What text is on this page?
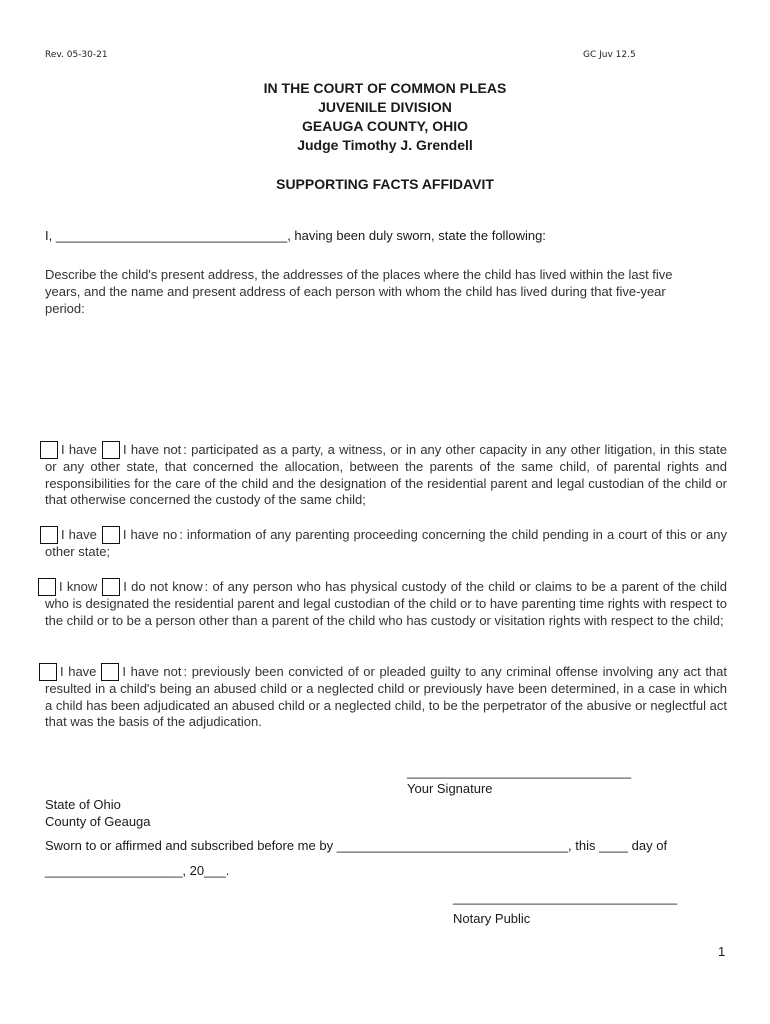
Rev. 05-30-21	GC Juv 12.5
IN THE COURT OF COMMON PLEAS
JUVENILE DIVISION
GEAUGA COUNTY, OHIO
Judge Timothy J. Grendell
SUPPORTING FACTS AFFIDAVIT
I, ________________________________, having been duly sworn, state the following:
Describe the child's present address, the addresses of the places where the child has lived within the last five
years, and the name and present address of each person with whom the child has lived during that five-year
period:
I have I have not : participated as a party, a witness, or in any other capacity in any other litigation, in this state or any other state, that concerned the allocation, between the parents of the same child, of parental rights and responsibilities for the care of the child and the designation of the residential parent and legal custodian of the child or that otherwise concerned the custody of the same child;
I have I have no : information of any parenting proceeding concerning the child pending in a court of this or any other state;
I know I do not know : of any person who has physical custody of the child or claims to be a parent of the child who is designated the residential parent and legal custodian of the child or to have parenting time rights with respect to the child or to be a person other than a parent of the child who has custody or visitation rights with respect to the child;
I have I have not : previously been convicted of or pleaded guilty to any criminal offense involving any act that resulted in a child's being an abused child or a neglected child or previously have been determined, in a case in which a child has been adjudicated an abused child or a neglected child, to be the perpetrator of the abusive or neglectful act that was the basis of the adjudication.
_______________________________
Your Signature
State of Ohio
County of Geauga
Sworn to or affirmed and subscribed before me by ________________________________, this ____ day of
___________________, 20___.
_______________________________
Notary Public
1
